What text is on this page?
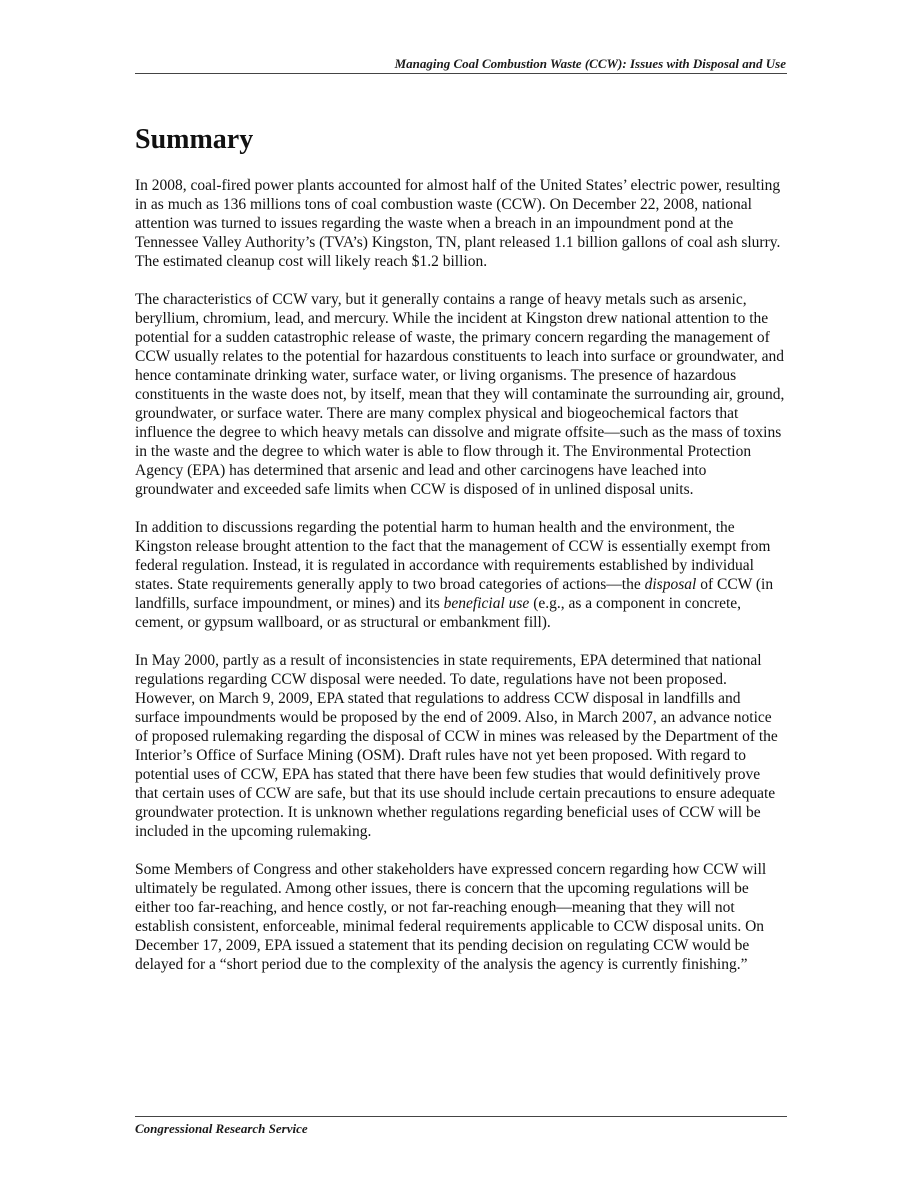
Managing Coal Combustion Waste (CCW): Issues with Disposal and Use
Summary

In 2008, coal-fired power plants accounted for almost half of the United States’ electric power, resulting in as much as 136 millions tons of coal combustion waste (CCW). On December 22, 2008, national attention was turned to issues regarding the waste when a breach in an impoundment pond at the Tennessee Valley Authority’s (TVA’s) Kingston, TN, plant released 1.1 billion gallons of coal ash slurry. The estimated cleanup cost will likely reach $1.2 billion.

The characteristics of CCW vary, but it generally contains a range of heavy metals such as arsenic, beryllium, chromium, lead, and mercury. While the incident at Kingston drew national attention to the potential for a sudden catastrophic release of waste, the primary concern regarding the management of CCW usually relates to the potential for hazardous constituents to leach into surface or groundwater, and hence contaminate drinking water, surface water, or living organisms. The presence of hazardous constituents in the waste does not, by itself, mean that they will contaminate the surrounding air, ground, groundwater, or surface water. There are many complex physical and biogeochemical factors that influence the degree to which heavy metals can dissolve and migrate offsite—such as the mass of toxins in the waste and the degree to which water is able to flow through it. The Environmental Protection Agency (EPA) has determined that arsenic and lead and other carcinogens have leached into groundwater and exceeded safe limits when CCW is disposed of in unlined disposal units.

In addition to discussions regarding the potential harm to human health and the environment, the Kingston release brought attention to the fact that the management of CCW is essentially exempt from federal regulation. Instead, it is regulated in accordance with requirements established by individual states. State requirements generally apply to two broad categories of actions—the disposal of CCW (in landfills, surface impoundment, or mines) and its beneficial use (e.g., as a component in concrete, cement, or gypsum wallboard, or as structural or embankment fill).

In May 2000, partly as a result of inconsistencies in state requirements, EPA determined that national regulations regarding CCW disposal were needed. To date, regulations have not been proposed. However, on March 9, 2009, EPA stated that regulations to address CCW disposal in landfills and surface impoundments would be proposed by the end of 2009. Also, in March 2007, an advance notice of proposed rulemaking regarding the disposal of CCW in mines was released by the Department of the Interior’s Office of Surface Mining (OSM). Draft rules have not yet been proposed. With regard to potential uses of CCW, EPA has stated that there have been few studies that would definitively prove that certain uses of CCW are safe, but that its use should include certain precautions to ensure adequate groundwater protection. It is unknown whether regulations regarding beneficial uses of CCW will be included in the upcoming rulemaking.

Some Members of Congress and other stakeholders have expressed concern regarding how CCW will ultimately be regulated. Among other issues, there is concern that the upcoming regulations will be either too far-reaching, and hence costly, or not far-reaching enough—meaning that they will not establish consistent, enforceable, minimal federal requirements applicable to CCW disposal units. On December 17, 2009, EPA issued a statement that its pending decision on regulating CCW would be delayed for a “short period due to the complexity of the analysis the agency is currently finishing.”

Congressional Research Service
